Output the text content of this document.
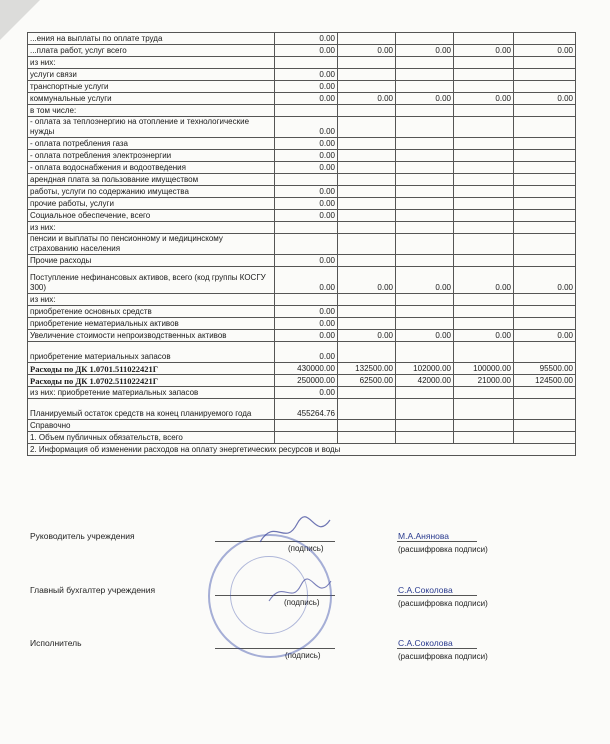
...ения на выплаты по оплате труда	0.00					
...плата работ, услуг всего	0.00	0.00	0.00	0.00	0.00	
из них:						
услуги связи	0.00					
транспортные услуги	0.00					
коммунальные услуги	0.00	0.00	0.00	0.00	0.00	
в том числе:						
- оплата за теплоэнергию на отопление и технологические нужды	0.00					
- оплата потребления газа	0.00					
- оплата потребления электроэнергии	0.00					
- оплата водоснабжения и водоотведения	0.00					
арендная плата за пользование имуществом						
работы, услуги по содержанию имущества	0.00					
прочие работы, услуги	0.00					
Социальное обеспечение, всего	0.00					
из них:						
пенсии и выплаты по пенсионному и медицинскому страхованию населения						
Прочие расходы	0.00					
Поступление нефинансовых активов, всего (код группы КОСГУ 300)	0.00	0.00	0.00	0.00	0.00	
из них:						
приобретение основных средств	0.00					
приобретение нематериальных активов	0.00					
Увеличение стоимости непроизводственных активов	0.00	0.00	0.00	0.00	0.00	
приобретение материальных запасов	0.00					
Расходы по ДК 1.0701.511022421Г	430000.00	132500.00	102000.00	100000.00	95500.00	
Расходы по ДК 1.0702.511022421Г	250000.00	62500.00	42000.00	21000.00	124500.00	
из них: приобретение материальных запасов	0.00					
Планируемый остаток средств на конец планируемого года	455264.76					
Справочно						
1. Объем публичных обязательств, всего						
2. Информация об изменении расходов на оплату энергетических ресурсов и воды						
Руководитель учреждения
(подпись)
М.А.Анянова
(расшифровка подписи)
Главный бухгалтер учреждения
(подпись)
С.А.Соколова
(расшифровка подписи)
Исполнитель
(подпись)
С.А.Соколова
(расшифровка подписи)
